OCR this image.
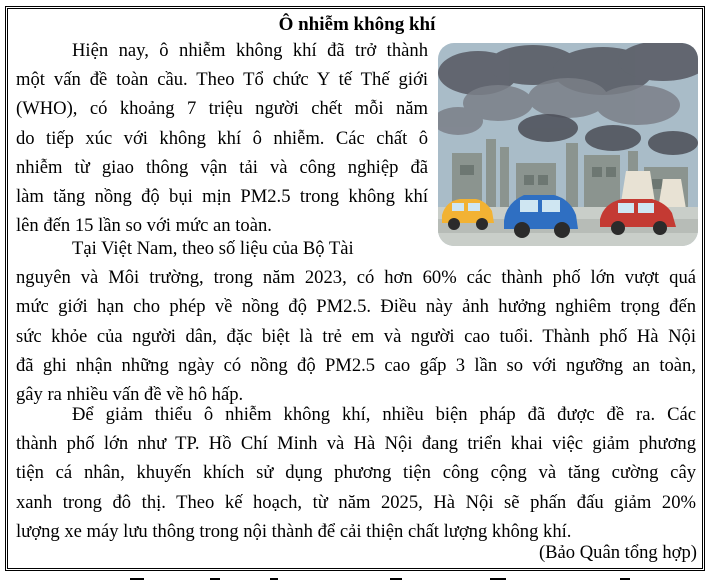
Ô nhiễm không khí
Hiện nay, ô nhiễm không khí đã trở thành
một vấn đề toàn cầu. Theo Tổ chức Y tế Thế giới
(WHO), có khoảng 7 triệu người chết mỗi năm
do tiếp xúc với không khí ô nhiễm. Các chất ô
nhiễm từ giao thông vận tải và công nghiệp đã
làm tăng nồng độ bụi mịn PM2.5 trong không khí
lên đến 15 lần so với mức an toàn.
Tại Việt Nam, theo số liệu của Bộ Tài
nguyên và Môi trường, trong năm 2023, có hơn 60% các thành phố lớn vượt quá
mức giới hạn cho phép về nồng độ PM2.5. Điều này ảnh hưởng nghiêm trọng đến
sức khỏe của người dân, đặc biệt là trẻ em và người cao tuổi. Thành phố Hà Nội
đã ghi nhận những ngày có nồng độ PM2.5 cao gấp 3 lần so với ngưỡng an toàn,
gây ra nhiều vấn đề về hô hấp.
Để giảm thiểu ô nhiễm không khí, nhiều biện pháp đã được đề ra. Các
thành phố lớn như TP. Hồ Chí Minh và Hà Nội đang triển khai việc giảm phương
tiện cá nhân, khuyến khích sử dụng phương tiện công cộng và tăng cường cây
xanh trong đô thị. Theo kế hoạch, từ năm 2025, Hà Nội sẽ phấn đấu giảm 20%
lượng xe máy lưu thông trong nội thành để cải thiện chất lượng không khí.
(Bảo Quân tổng hợp)
